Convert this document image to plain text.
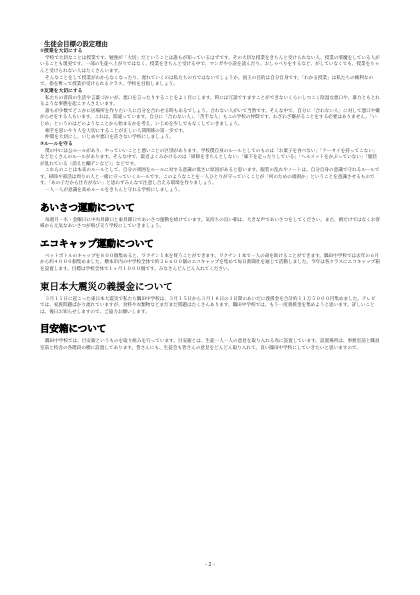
生徒会目標の設定理由

①授業を大切にする

学校で大切なことは授業です。勉強が「大切」だということは誰もが知っているはずです。その大切な授業をきちんと受けられない人、授業の邪魔をしている人がいることも現実です。一部の生徒へ上がりではなく、授業をきちんと受ける中で、マンガや小説を読んだり、おしゃべりをするなど、がしていなくても、授業をちゃんと受けられない人はたくさんいます。

そんなことをして授業がわからなくなったり、遅れていくのは私たちの方ではないでしょうか。国王の目的は自分自身です。「わかる授業」は私たちの権利なので、指を奪って授業が受けられるクラス、学校を目指しましょう。

②友達を大切にする

私たちの普段の生活や言葉づかいが、悪口を言ったりすることをよく目にします。時には冗談ですますことができないくらいしつこく陰湿な悪口や、暴力ともとれるような事態を起こす人さえいます。

誰もが少数でどこかに居場所を作りたい人に自分を合わせる時もあるでしょう。合わない人がいて当然です。そんな中で、自分に「合わない人」に対して悪口や嫌がらせをする人もいます。これは、間違っています。自分に「合わない人」、「苦手な人」もこの学校の仲間です。わざわざ嫌がることをする必要はありません。「いじめ」というのはどのようなことから始まるかを考え、いじめを少しでもなくしていきましょう。

相手を思いやり人を大切にすることが正しい人間関係の第一歩です。

仲間を大切にし、いじめや悪口を許さない学校にしましょう。

③ルールを守る

僕の中には公ルールがあり、やっていいことと悪いことの区別があります。学校僕自身のルールとしてのものは「お菓子を食べない」「ケータイを持ってこない」などたくさんのルールがあります。そんな中で、最近よくみかけるのは「掃除をきちんとしない」「廊下を走ったりしている」「ヘルメットをかぶっていない」「服装が乱れている（消えた欄デンなど）」などです。

これらのことは本来のルールとして、自分の周囲をルールに対する意識の低さに原因があると思います。服装の乱れやノートは、自分自身の意識で守れるルールです。掃除や部活は周りの人と一緒に守っていくルールです。このようなことを一人ひとりが守っていくことが「何のための規則か」ということを意識させるものです。「あの子だから仕方がない」と思わずみんなで注意し合える環境を作りましょう。

一人一人が意識を高めルールをきちんと守れる学校にしましょう。

あいさつ運動について

毎週月・水・金曜日に中央昇降口と東昇降口であいさつ運動を続けています。気持ちの良い朝は、大きな声であいさつをしてください。また、朝だけではなくお客様から元気なあいさつが飛び交う学校にしていきましょう。

エコキャップ運動について

ペットボトルのキャップを８００個集めると、ワクチン１本を買うことができます。ワクチン１本で一人の命を助けることができます。隅田中学校では去年の６月から約４０００個集めました。横本市内の中学校全体で約２６６００個のエコキャップを集めて毎日新聞社を通じて活動しました。今年は各クラスにエコキャップ箱を設置します。目標は学校全体で１ヶ月１０００個です。みなさんどんどん入れてください。

東日本大震災の義援金について

３月１１日に起こった東日本大震災で私たち隅田中学校は、３月１５日から３月１８日の３日間のあいだに義援金を合計約１１万５０００円集めました。テレビでは、家族問題ばかり流れていますが、食料や衣類物などまだまだ問題はたくさんあります。隅田中学校では、もう一度義援金を集めようと思います。詳しいことは、後日お知らせしますので、ご協力お願いします。

目安箱について

隅田中学校では、目安箱というものを取り組みを行っています。目安箱とは、生徒一人一人の意見を取り入れる為に設置しています。設置場所は、事務室前と職員室前と校舎の各階段の横に設置してあります。皆さんにも、生徒会も皆さんの意見をどんどん取り入れて、良い隅田中学校にしていきたいと思いますので、

- 2 -
